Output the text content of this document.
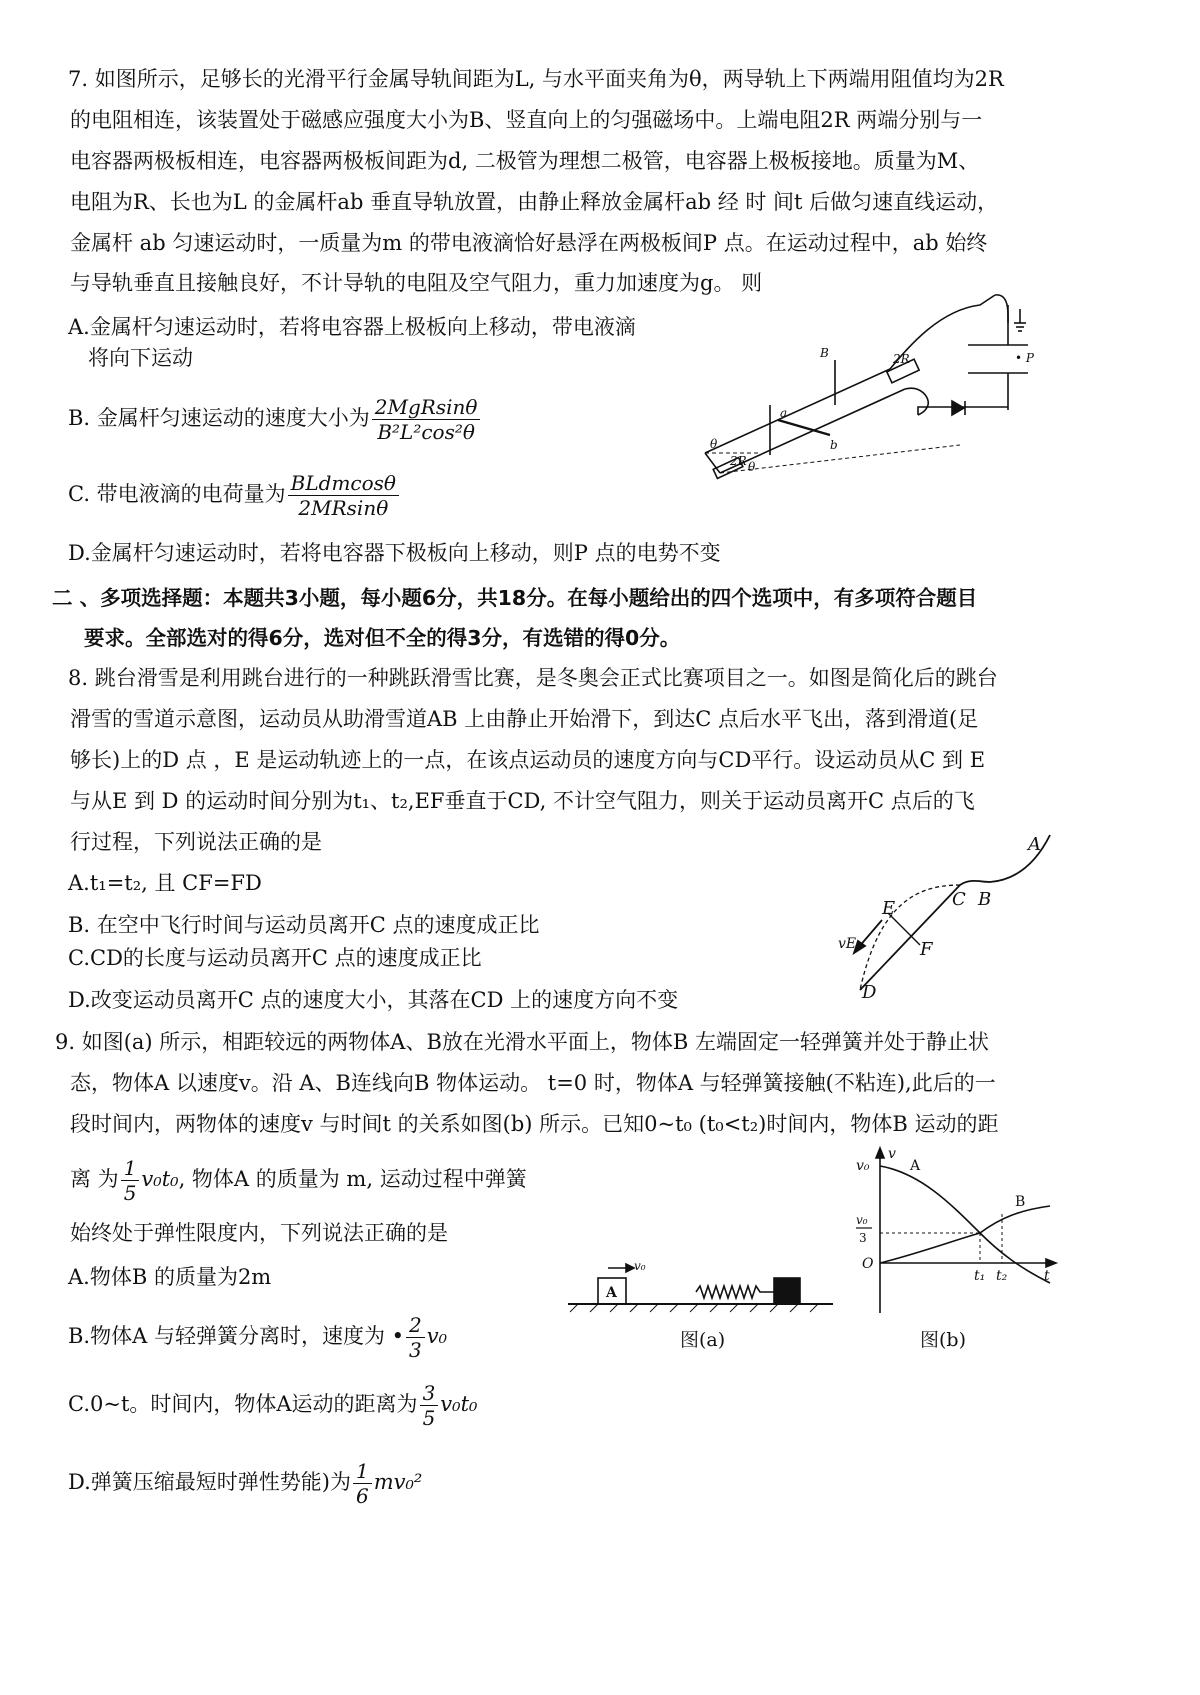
7. 如图所示，足够长的光滑平行金属导轨间距为L, 与水平面夹角为θ，两导轨上下两端用阻值均为2R
的电阻相连，该装置处于磁感应强度大小为B、竖直向上的匀强磁场中。上端电阻2R 两端分别与一
电容器两极板相连，电容器两极板间距为d, 二极管为理想二极管，电容器上极板接地。质量为M、
电阻为R、长也为L 的金属杆ab 垂直导轨放置，由静止释放金属杆ab 经 时 间t 后做匀速直线运动，
金属杆 ab 匀速运动时，一质量为m 的带电液滴恰好悬浮在两极板间P 点。在运动过程中，ab 始终
与导轨垂直且接触良好，不计导轨的电阻及空气阻力，重力加速度为g。 则
A.金属杆匀速运动时，若将电容器上极板向上移动，带电液滴
将向下运动
B. 金属杆匀速运动的速度大小为 $\frac{\text{2MgRsinθ}}{\text{B²L²cos²θ}}$
C. 带电液滴的电荷量为 $\frac{\text{BLdmcosθ}}{2MRsin\theta}$
D.金属杆匀速运动时，若将电容器下极板向上移动，则P 点的电势不变
B
a
b
2R
2R
θ
θ
• P
二 、多项选择题：本题共3小题，每小题6分，共18分。在每小题给出的四个选项中，有多项符合题目
要求。全部选对的得6分，选对但不全的得3分，有选错的得0分。
8. 跳台滑雪是利用跳台进行的一种跳跃滑雪比赛，是冬奥会正式比赛项目之一。如图是简化后的跳台
滑雪的雪道示意图，运动员从助滑雪道AB 上由静止开始滑下，到达C 点后水平飞出，落到滑道(足
够长)上的D 点 ，E 是运动轨迹上的一点，在该点运动员的速度方向与CD平行。设运动员从C 到 E
与从E 到 D 的运动时间分别为t₁、t₂,EF垂直于CD, 不计空气阻力，则关于运动员离开C 点后的飞
行过程，下列说法正确的是
A.t₁=t₂, 且 CF=FD
B. 在空中飞行时间与运动员离开C 点的速度成正比
C.CD的长度与运动员离开C 点的速度成正比
D.改变运动员离开C 点的速度大小，其落在CD 上的速度方向不变
A
C B
E
F
vE
D
9. 如图(a) 所示，相距较远的两物体A、B放在光滑水平面上，物体B 左端固定一轻弹簧并处于静止状
态，物体A 以速度v。沿 A、B连线向B 物体运动。 t=0 时，物体A 与轻弹簧接触(不粘连),此后的一
段时间内，两物体的速度v 与时间t 的关系如图(b) 所示。已知0~t₀ (t₀<t₂)时间内，物体B 运动的距
离 为 $\frac{1}{5} v_0t_0$, 物体A 的质量为 m, 运动过程中弹簧
始终处于弹性限度内，下列说法正确的是
A.物体B 的质量为2m
B.物体A 与轻弹簧分离时，速度为 • $\frac{2}{3} v_0$
C.0~t。时间内，物体A运动的距离为 $\frac{3}{5} v_0t_0$
D.弹簧压缩最短时弹性势能)为 $\frac{1}{6} mv_0^2$
A
v₀
图(a)
v
v₀	A
B
v₀
3
O
t₁ t₂	t
图(b)
